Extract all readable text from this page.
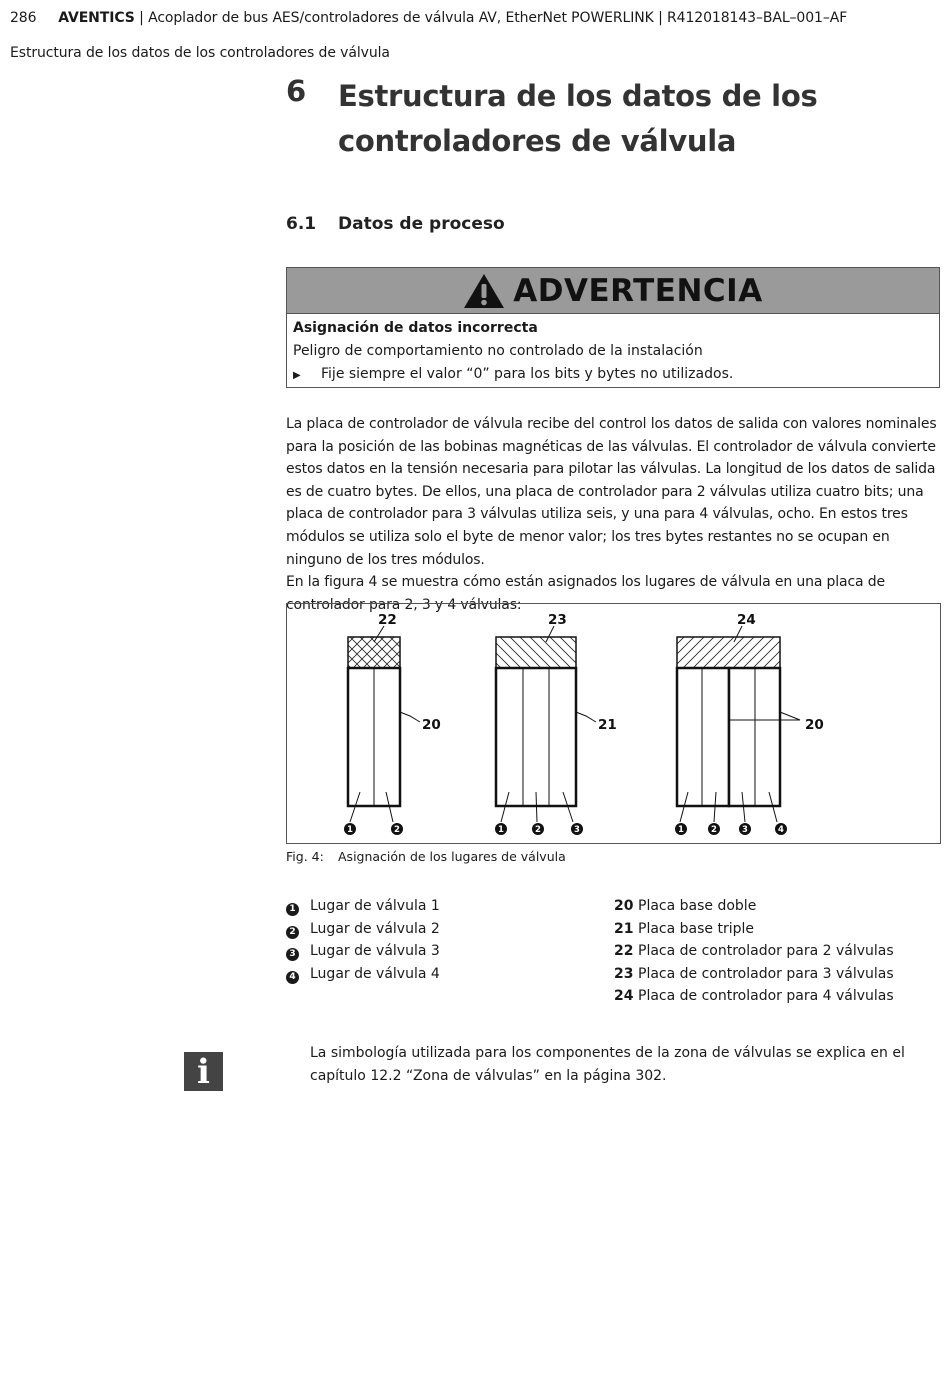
286 AVENTICS | Acoplador de bus AES/controladores de válvula AV, EtherNet POWERLINK | R412018143–BAL–001–AF
Estructura de los datos de los controladores de válvula
6 Estructura de los datos de los controladores de válvula
6.1 Datos de proceso
ADVERTENCIA
Asignación de datos incorrecta
Peligro de comportamiento no controlado de la instalación
▶ Fije siempre el valor “0” para los bits y bytes no utilizados.

La placa de controlador de válvula recibe del control los datos de salida con valores nominales para la posición de las bobinas magnéticas de las válvulas. El controlador de válvula convierte estos datos en la tensión necesaria para pilotar las válvulas. La longitud de los datos de salida es de cuatro bytes. De ellos, una placa de controlador para 2 válvulas utiliza cuatro bits; una placa de controlador para 3 válvulas utiliza seis, y una para 4 válvulas, ocho. En estos tres módulos se utiliza solo el byte de menor valor; los tres bytes restantes no se ocupan en ninguno de los tres módulos.

En la figura 4 se muestra cómo están asignados los lugares de válvula en una placa de controlador para 2, 3 y 4 válvulas:

22	23	24
20	21	20
1	2	1	2	3	1	2	3	4
Fig. 4: Asignación de los lugares de válvula
1 Lugar de válvula 1
2 Lugar de válvula 2
3 Lugar de válvula 3
4 Lugar de válvula 4
20 Placa base doble
21 Placa base triple
22 Placa de controlador para 2 válvulas
23 Placa de controlador para 3 válvulas
24 Placa de controlador para 4 válvulas
i	La simbología utilizada para los componentes de la zona de válvulas se explica en el capítulo 12.2 “Zona de válvulas” en la página 302.
